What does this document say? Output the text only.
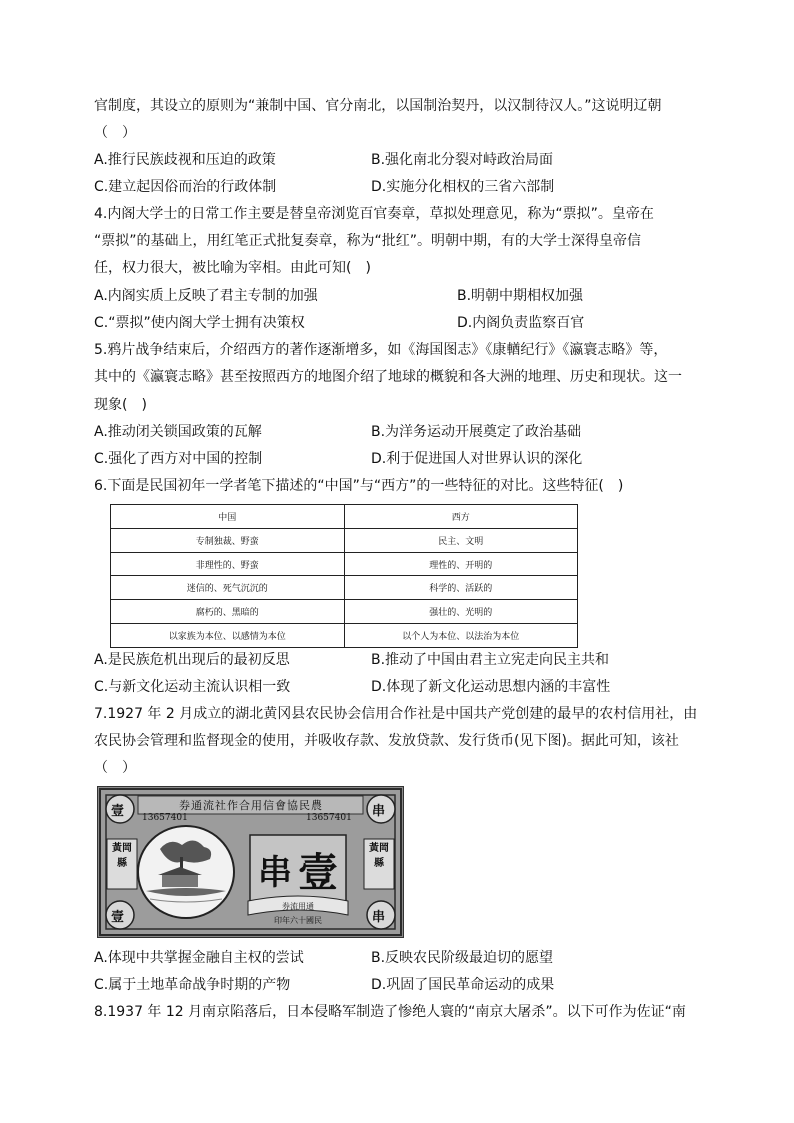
官制度，其设立的原则为“兼制中国、官分南北，以国制治契丹，以汉制待汉人。”这说明辽朝
（　）
A.推行民族歧视和压迫的政策	B.强化南北分裂对峙政治局面
C.建立起因俗而治的行政体制	D.实施分化相权的三省六部制
4.内阁大学士的日常工作主要是替皇帝浏览百官奏章，草拟处理意见，称为“票拟”。皇帝在
“票拟”的基础上，用红笔正式批复奏章，称为“批红”。明朝中期，有的大学士深得皇帝信
任，权力很大，被比喻为宰相。由此可知(　)
A.内阁实质上反映了君主专制的加强	B.明朝中期相权加强
C.“票拟”使内阁大学士拥有决策权	D.内阁负责监察百官
5.鸦片战争结束后，介绍西方的著作逐渐增多，如《海国图志》《康輶纪行》《瀛寰志略》等，
其中的《瀛寰志略》甚至按照西方的地图介绍了地球的概貌和各大洲的地理、历史和现状。这一
现象(　)
A.推动闭关锁国政策的瓦解	B.为洋务运动开展奠定了政治基础
C.强化了西方对中国的控制	D.利于促进国人对世界认识的深化
6.下面是民国初年一学者笔下描述的“中国”与“西方”的一些特征的对比。这些特征(　)
中国	西方
专制独裁、野蛮	民主、文明
非理性的、野蛮	理性的、开明的
迷信的、死气沉沉的	科学的、活跃的
腐朽的、黑暗的	强壮的、光明的
以家族为本位、以感情为本位	以个人为本位、以法治为本位
A.是民族危机出现后的最初反思	B.推动了中国由君主立宪走向民主共和
C.与新文化运动主流认识相一致	D.体现了新文化运动思想内涵的丰富性
7.1927 年 2 月成立的湖北黄冈县农民协会信用合作社是中国共产党创建的最早的农村信用社，由
农民协会管理和监督现金的使用，并吸收存款、发放贷款、发行货币(见下图)。据此可知，该社
（　）
券通流社作合用信會協民農
13657401	13657401
壹	串
壹	串
黃岡縣
黃岡縣
串 壹
券流用通
印年六十國民
A.体现中共掌握金融自主权的尝试	B.反映农民阶级最迫切的愿望
C.属于土地革命战争时期的产物	D.巩固了国民革命运动的成果
8.1937 年 12 月南京陷落后，日本侵略军制造了惨绝人寰的“南京大屠杀”。以下可作为佐证“南
